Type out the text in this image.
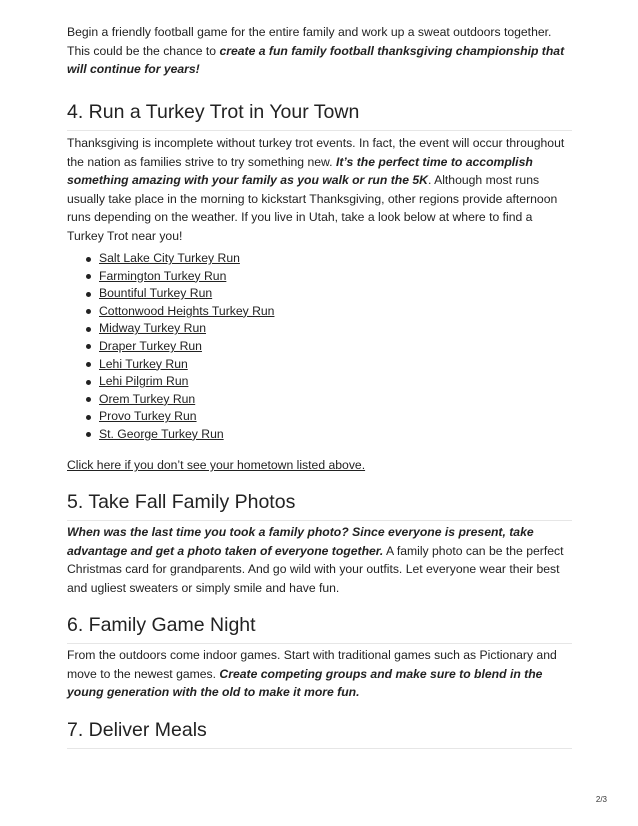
Begin a friendly football game for the entire family and work up a sweat outdoors together. This could be the chance to create a fun family football thanksgiving championship that will continue for years!

4. Run a Turkey Trot in Your Town

Thanksgiving is incomplete without turkey trot events. In fact, the event will occur throughout the nation as families strive to try something new. It’s the perfect time to accomplish something amazing with your family as you walk or run the 5K. Although most runs usually take place in the morning to kickstart Thanksgiving, other regions provide afternoon runs depending on the weather. If you live in Utah, take a look below at where to find a Turkey Trot near you!

Salt Lake City Turkey Run
Farmington Turkey Run
Bountiful Turkey Run
Cottonwood Heights Turkey Run
Midway Turkey Run
Draper Turkey Run
Lehi Turkey Run
Lehi Pilgrim Run
Orem Turkey Run
Provo Turkey Run
St. George Turkey Run

Click here if you don’t see your hometown listed above.

5. Take Fall Family Photos

When was the last time you took a family photo? Since everyone is present, take advantage and get a photo taken of everyone together. A family photo can be the perfect Christmas card for grandparents. And go wild with your outfits. Let everyone wear their best and ugliest sweaters or simply smile and have fun.

6. Family Game Night

From the outdoors come indoor games. Start with traditional games such as Pictionary and move to the newest games. Create competing groups and make sure to blend in the young generation with the old to make it more fun.

7. Deliver Meals
2/3
